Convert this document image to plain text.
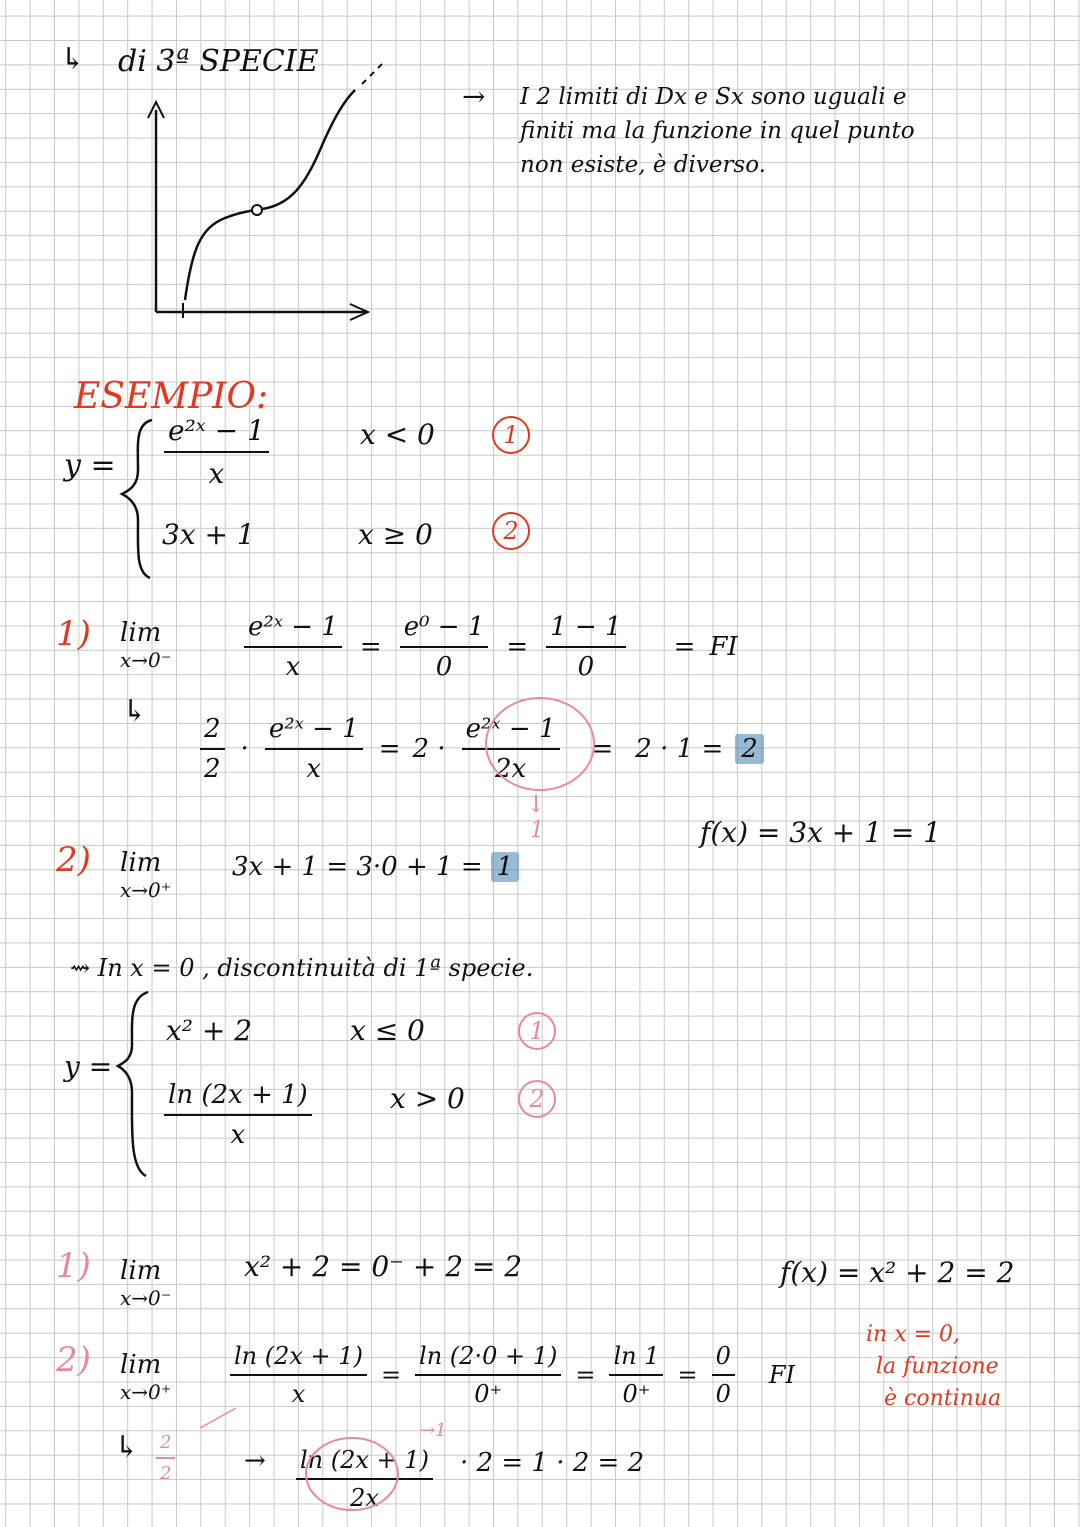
↳ di 3ª SPECIE
→ I 2 limiti di Dx e Sx sono uguali e
finiti ma la funzione in quel punto
non esiste, è diverso.
ESEMPIO:
$y = \frac{\text{e²ˣ − 1}}{x}$	x < 0	1
3x + 1	x ≥ 0	2
1) lim
x→0⁻	$\frac{\text{e²ˣ − 1}}{x} = \frac{\text{e⁰ − 1}}{0} = \frac{1 - 1}{0}$ = FI
↳
$\frac{2}{2} \cdot \frac{\text{e²ˣ − 1}}{x} = 2 \cdot \frac{\text{e²ˣ − 1}}{2x} = 2 \cdot 1 = 2$
↓
1	f(x) = 3x + 1 = 1
2) lim
x→0⁺
3x + 1 = 3·0 + 1 = 1
⇝ In x = 0 , discontinuità di 1ª specie.
y =
x² + 2	x ≤ 0	1
$\frac{\ln (2x + 1)}{x}$	x > 0	2
1) lim
x→0⁻
x² + 2 = 0⁻ + 2 = 2	f(x) = x² + 2 = 2
2) lim
$x\to 0^+ \frac{\ln (2x + 1)}{x} = \frac{\ln (2\cdot 0 + 1)}{0^+} = \frac{\ln 1}{0^+} = \frac{0}{0}$ FI
in x = 0,
la funzione
è continua
↳ $\frac{2}{2}$	→ $\frac{\ln (2x + 1)}{2x} \cdot 2 = 1 \cdot 2 = 2$
→1
